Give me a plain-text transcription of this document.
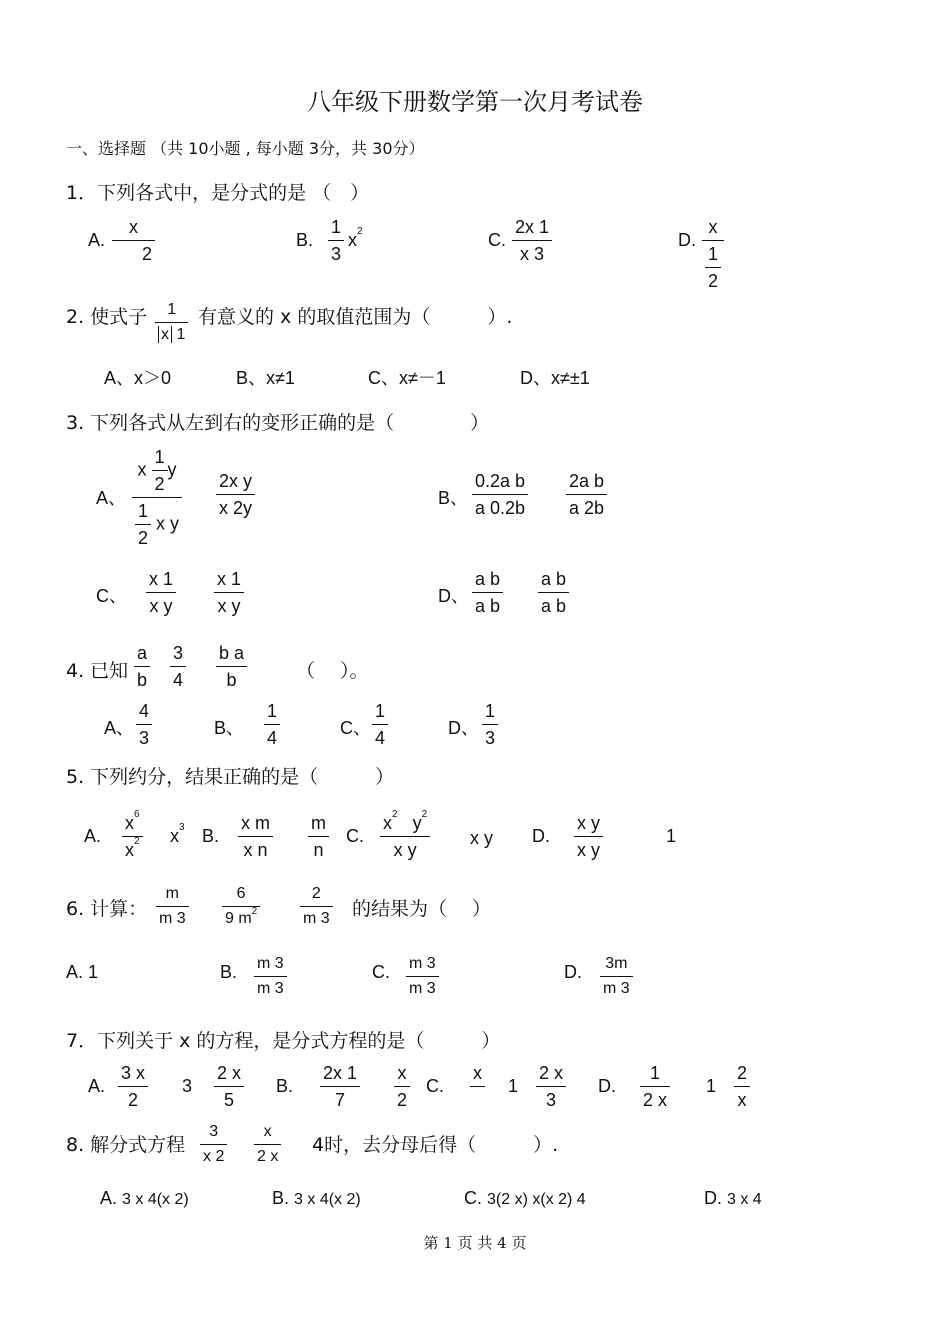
八年级下册数学第一次月考试卷
一、选择题 （共 10小题 , 每小题 3分，共 30分）
1．下列各式中，是分式的是 （　）
A.
x
2
B.
1
3
$x^2$	C.
2x 1
x 3
D.
x
$\frac{1}{2}$
2. 使式子 1
x 1
有意义的 x 的取值范围为（　　　）.
A、x＞0	B、x≠1	C、x≠－1	D、x≠±1
3. 下列各式从左到右的变形正确的是（　　　　）
A、
x $\frac{1}{2}$ y
$\frac{1}{2}$ x y
2x y
x 2y	B、
0.2a b
a 0.2b
2a b
a 2b
C、
x 1
x y
x 1
x y	D、
a b
a b
a b
a b
4. 已知
a
b
3
4
b a
b	（　 ）。
A、
4
3	B、
1
4	C、
1
4	D、
1
3
5. 下列约分，结果正确的是（　　　）
A.
$x^6$
$x^2$ $x^3$ B.
x m
x n
m
n
C.
$x^2$ $y^2$
x y
x y D.
x y
x y
1
6. 计算：
m
m 3
6
9 $m^2$
2
m 3 的结果为（　 ）
A. 1	B. m 3
m 3
C. m 3
m 3
D. 3m
m 3
7．下列关于 x 的方程，是分式方程的是（　　　）
A.
3 x
2
3
2 x
5
B.
2x 1
7
x
2
C.
x

1
2 x
3
D.
1
2 x
1
2
x
8. 解分式方程
3
x 2
x
2 x
4时，去分母后得（　　　）.
A. 3 x 4(x 2)	B. 3 x 4(x 2)	C. 3(2 x) x(x 2) 4	D. 3 x 4
第 1 页 共 4 页
